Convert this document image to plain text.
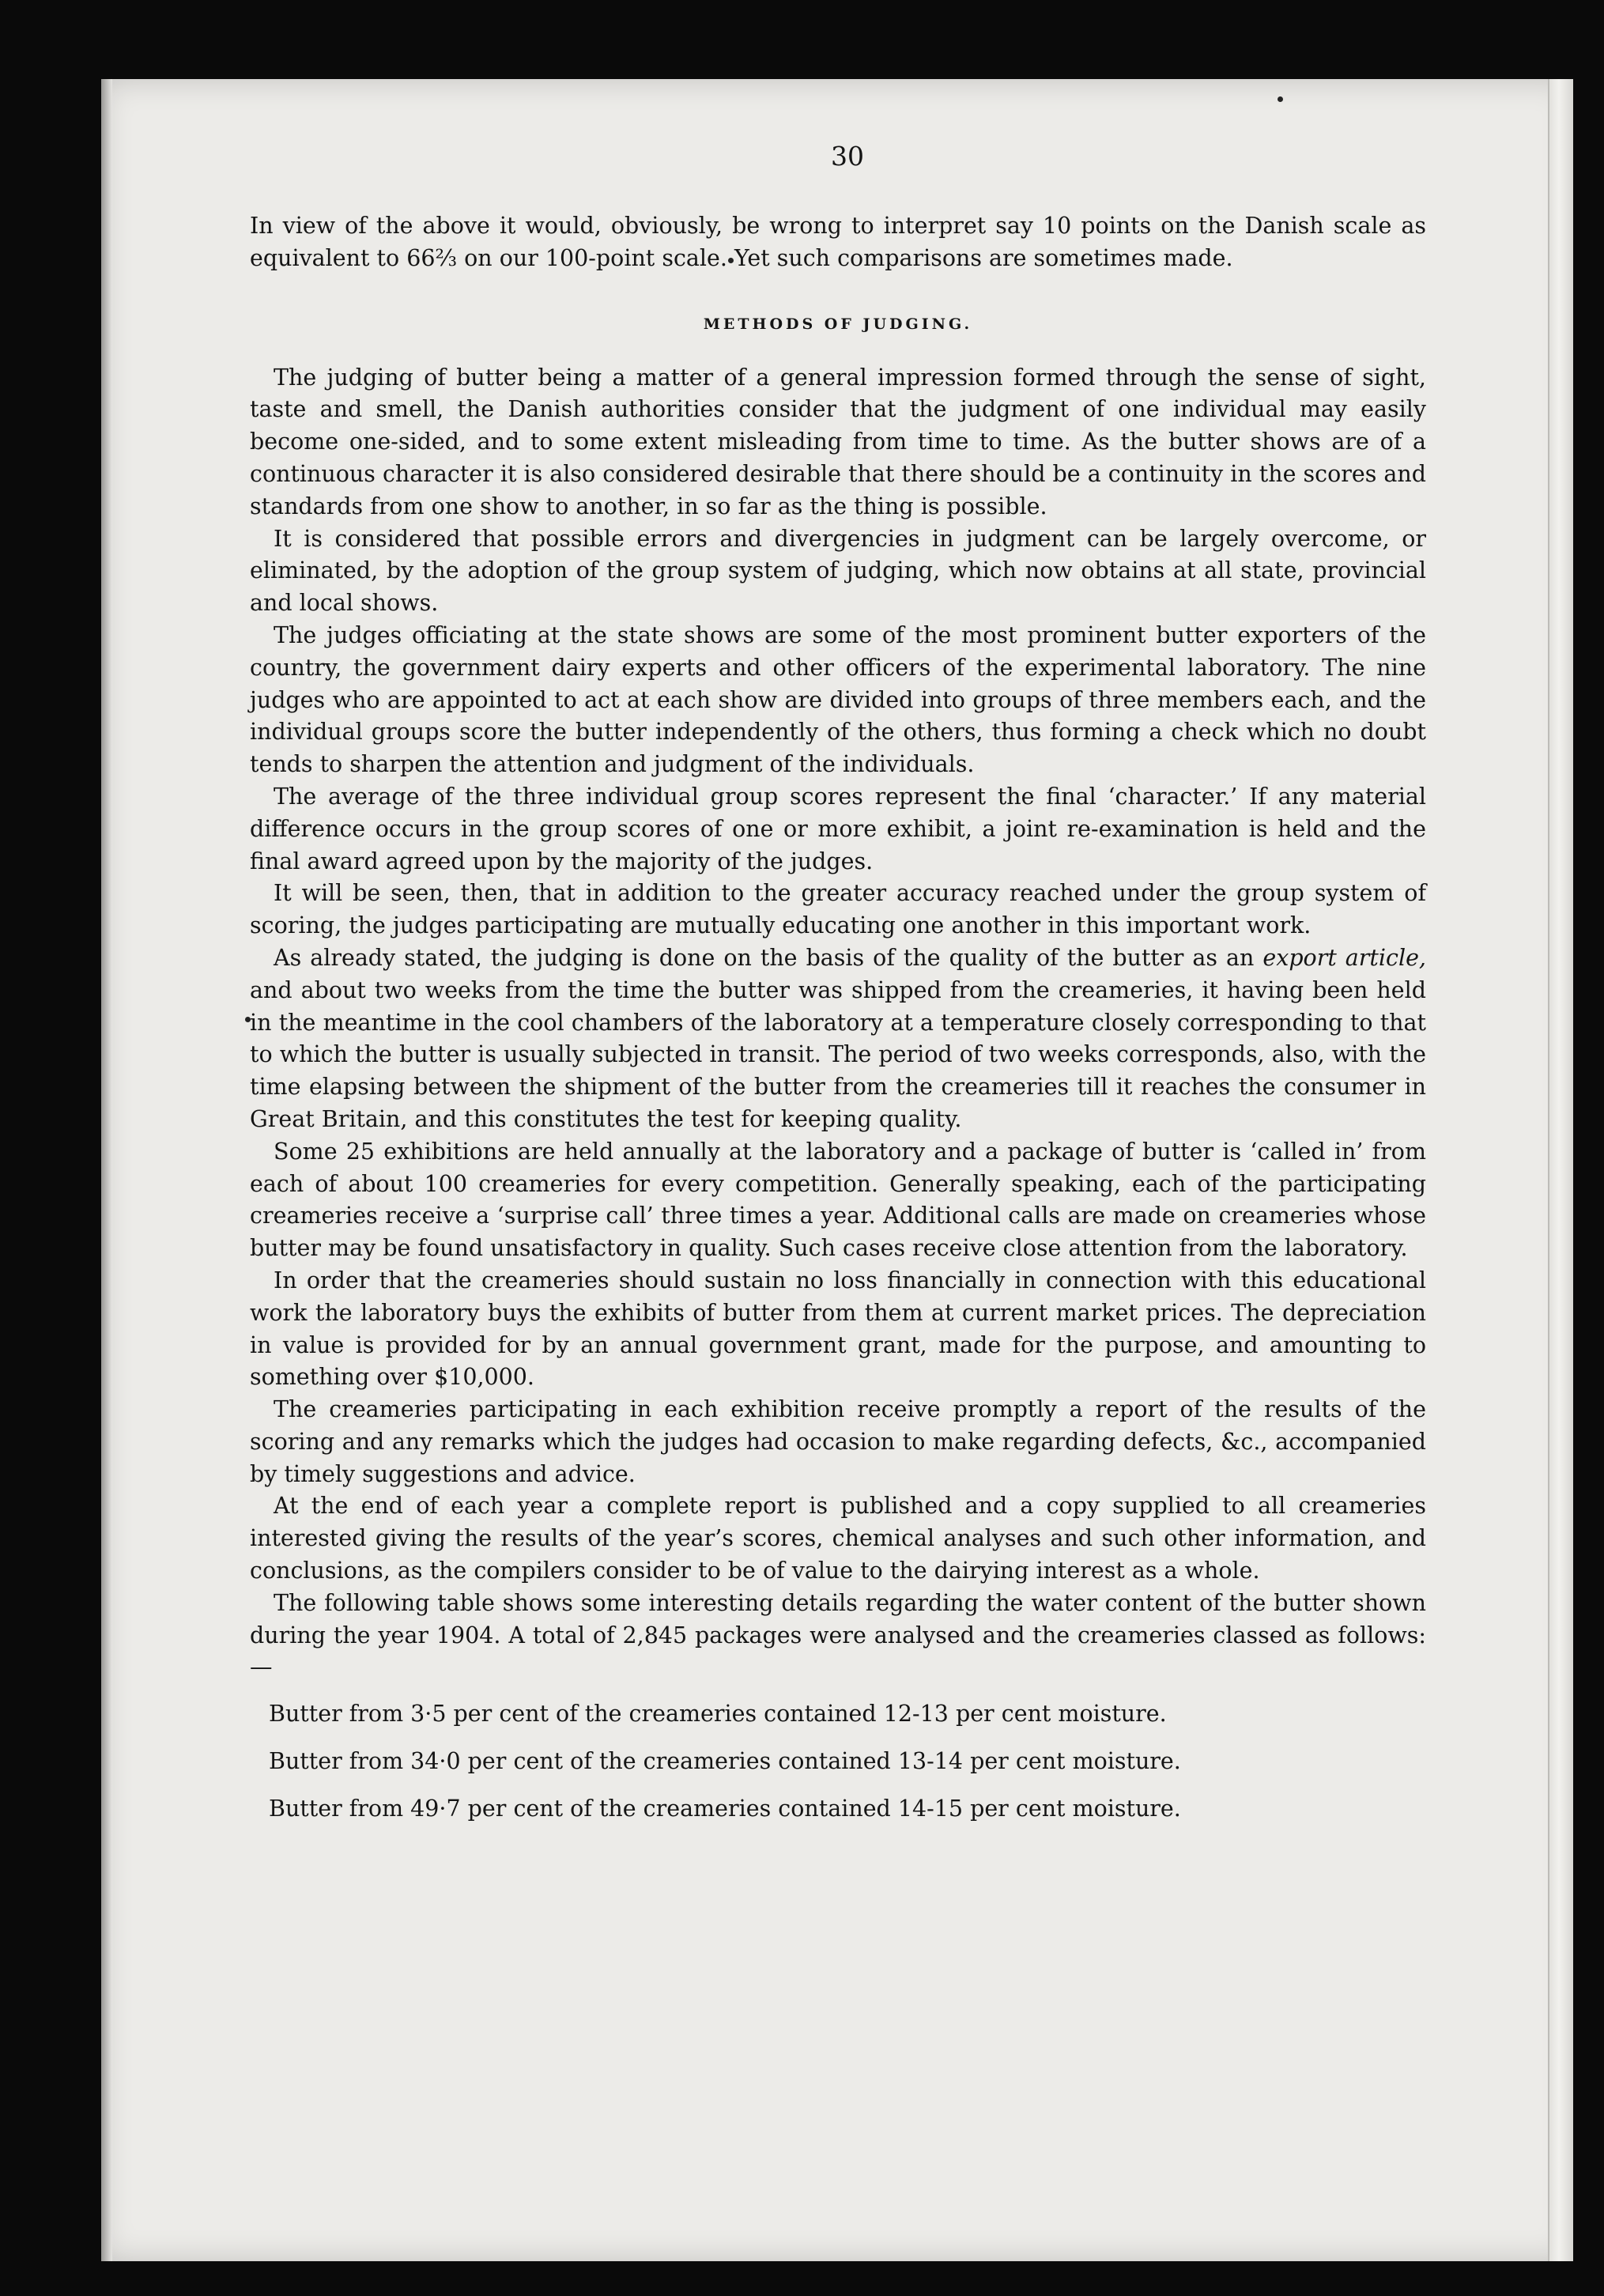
30

In view of the above it would, obviously, be wrong to interpret say 10 points on the Danish scale as equivalent to 66⅔ on our 100-point scale. Yet such comparisons are sometimes made.

METHODS OF JUDGING.

The judging of butter being a matter of a general impression formed through the sense of sight, taste and smell, the Danish authorities consider that the judgment of one individual may easily become one-sided, and to some extent misleading from time to time. As the butter shows are of a continuous character it is also considered desirable that there should be a continuity in the scores and standards from one show to another, in so far as the thing is possible.

It is considered that possible errors and divergencies in judgment can be largely overcome, or eliminated, by the adoption of the group system of judging, which now obtains at all state, provincial and local shows.

The judges officiating at the state shows are some of the most prominent butter exporters of the country, the government dairy experts and other officers of the experimental laboratory. The nine judges who are appointed to act at each show are divided into groups of three members each, and the individual groups score the butter independently of the others, thus forming a check which no doubt tends to sharpen the attention and judgment of the individuals.

The average of the three individual group scores represent the final ‘character.’ If any material difference occurs in the group scores of one or more exhibit, a joint re-examination is held and the final award agreed upon by the majority of the judges.

It will be seen, then, that in addition to the greater accuracy reached under the group system of scoring, the judges participating are mutually educating one another in this important work.

As already stated, the judging is done on the basis of the quality of the butter as an export article, and about two weeks from the time the butter was shipped from the creameries, it having been held in the meantime in the cool chambers of the laboratory at a temperature closely corresponding to that to which the butter is usually subjected in transit. The period of two weeks corresponds, also, with the time elapsing between the shipment of the butter from the creameries till it reaches the consumer in Great Britain, and this constitutes the test for keeping quality.

Some 25 exhibitions are held annually at the laboratory and a package of butter is ‘called in’ from each of about 100 creameries for every competition. Generally speaking, each of the participating creameries receive a ‘surprise call’ three times a year. Additional calls are made on creameries whose butter may be found unsatisfactory in quality. Such cases receive close attention from the laboratory.

In order that the creameries should sustain no loss financially in connection with this educational work the laboratory buys the exhibits of butter from them at current market prices. The depreciation in value is provided for by an annual government grant, made for the purpose, and amounting to something over $10,000.

The creameries participating in each exhibition receive promptly a report of the results of the scoring and any remarks which the judges had occasion to make regarding defects, &c., accompanied by timely suggestions and advice.

At the end of each year a complete report is published and a copy supplied to all creameries interested giving the results of the year’s scores, chemical analyses and such other information, and conclusions, as the compilers consider to be of value to the dairying interest as a whole.

The following table shows some interesting details regarding the water content of the butter shown during the year 1904. A total of 2,845 packages were analysed and the creameries classed as follows:—

Butter from 3·5 per cent of the creameries contained 12-13 per cent moisture.

Butter from 34·0 per cent of the creameries contained 13-14 per cent moisture.

Butter from 49·7 per cent of the creameries contained 14-15 per cent moisture.
